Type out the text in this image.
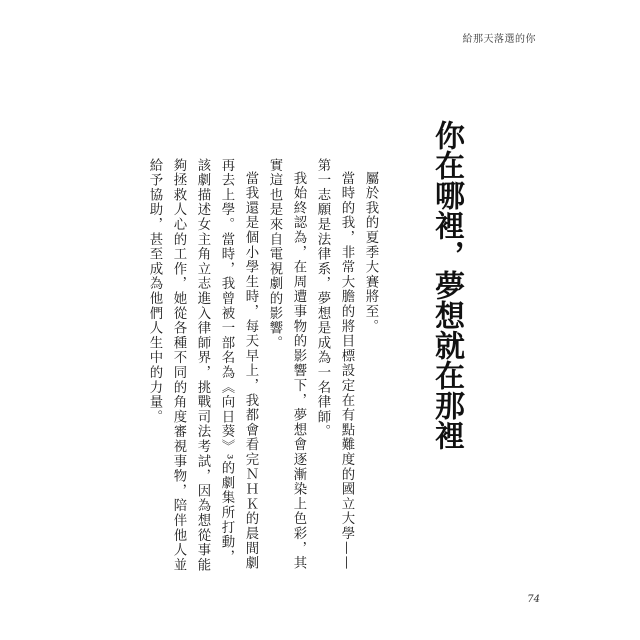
給那天落選的你
你在哪裡，
夢想就在那裡

屬於我的夏季大賽將至。

當時的我，非常大膽的將目標設定在有點難度的國立大學——第一志願是法律系，夢想是成為一名律師。

我始終認為，在周遭事物的影響下，夢想會逐漸染上色彩，其實這也是來自電視劇的影響。

當我還是個小學生時，每天早上，我都會看完ＮＨＫ的晨間劇再去上學。當時，我曾被一部名為《向日葵》³的劇集所打動，該劇描述女主角立志進入律師界，挑戰司法考試，因為想從事能夠拯救人心的工作，她從各種不同的角度審視事物，陪伴他人並給予協助，甚至成為他們人生中的力量。

74
